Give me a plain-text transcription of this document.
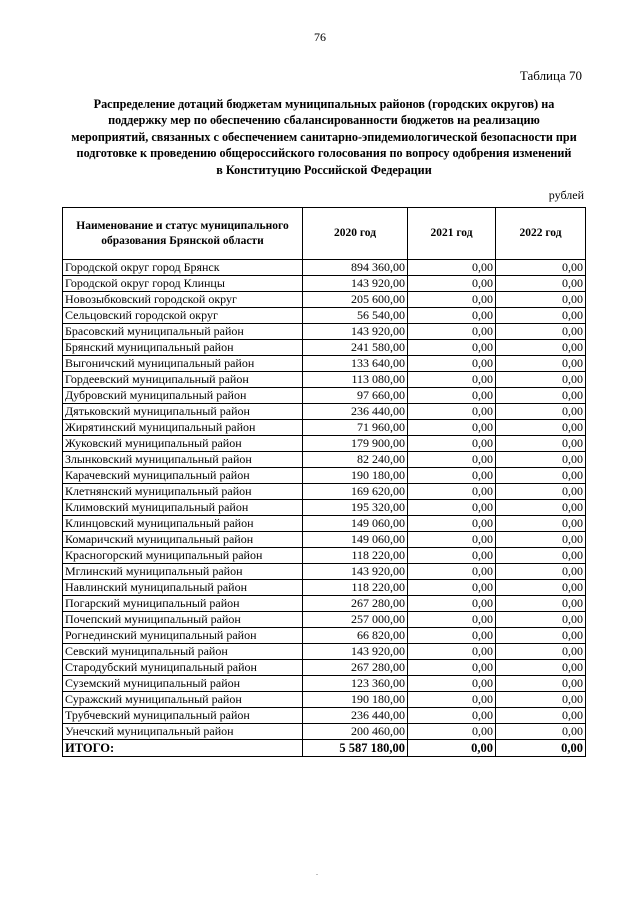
76
Таблица 70
Распределение дотаций бюджетам муниципальных районов (городских округов) на
поддержку мер по обеспечению сбалансированности бюджетов на реализацию
мероприятий, связанных с обеспечением санитарно-эпидемиологической безопасности при
подготовке к проведению общероссийского голосования по вопросу одобрения изменений
в Конституцию Российской Федерации
рублей
Наименование и статус муниципального
образования Брянской области	2020 год	2021 год	2022 год
Городской округ город Брянск	894 360,00	0,00	0,00
Городской округ город Клинцы	143 920,00	0,00	0,00
Новозыбковский городской округ	205 600,00	0,00	0,00
Сельцовский городской округ	56 540,00	0,00	0,00
Брасовский муниципальный район	143 920,00	0,00	0,00
Брянский муниципальный район	241 580,00	0,00	0,00
Выгоничский муниципальный район	133 640,00	0,00	0,00
Гордеевский муниципальный район	113 080,00	0,00	0,00
Дубровский муниципальный район	97 660,00	0,00	0,00
Дятьковский муниципальный район	236 440,00	0,00	0,00
Жирятинский муниципальный район	71 960,00	0,00	0,00
Жуковский муниципальный район	179 900,00	0,00	0,00
Злынковский муниципальный район	82 240,00	0,00	0,00
Карачевский муниципальный район	190 180,00	0,00	0,00
Клетнянский муниципальный район	169 620,00	0,00	0,00
Климовский муниципальный район	195 320,00	0,00	0,00
Клинцовский муниципальный район	149 060,00	0,00	0,00
Комаричский муниципальный район	149 060,00	0,00	0,00
Красногорский муниципальный район	118 220,00	0,00	0,00
Мглинский муниципальный район	143 920,00	0,00	0,00
Навлинский муниципальный район	118 220,00	0,00	0,00
Погарский муниципальный район	267 280,00	0,00	0,00
Почепский муниципальный район	257 000,00	0,00	0,00
Рогнединский муниципальный район	66 820,00	0,00	0,00
Севский муниципальный район	143 920,00	0,00	0,00
Стародубский муниципальный район	267 280,00	0,00	0,00
Суземский муниципальный район	123 360,00	0,00	0,00
Суражский муниципальный район	190 180,00	0,00	0,00
Трубчевский муниципальный район	236 440,00	0,00	0,00
Унечский муниципальный район	200 460,00	0,00	0,00
ИТОГО:	5 587 180,00	0,00	0,00
.
